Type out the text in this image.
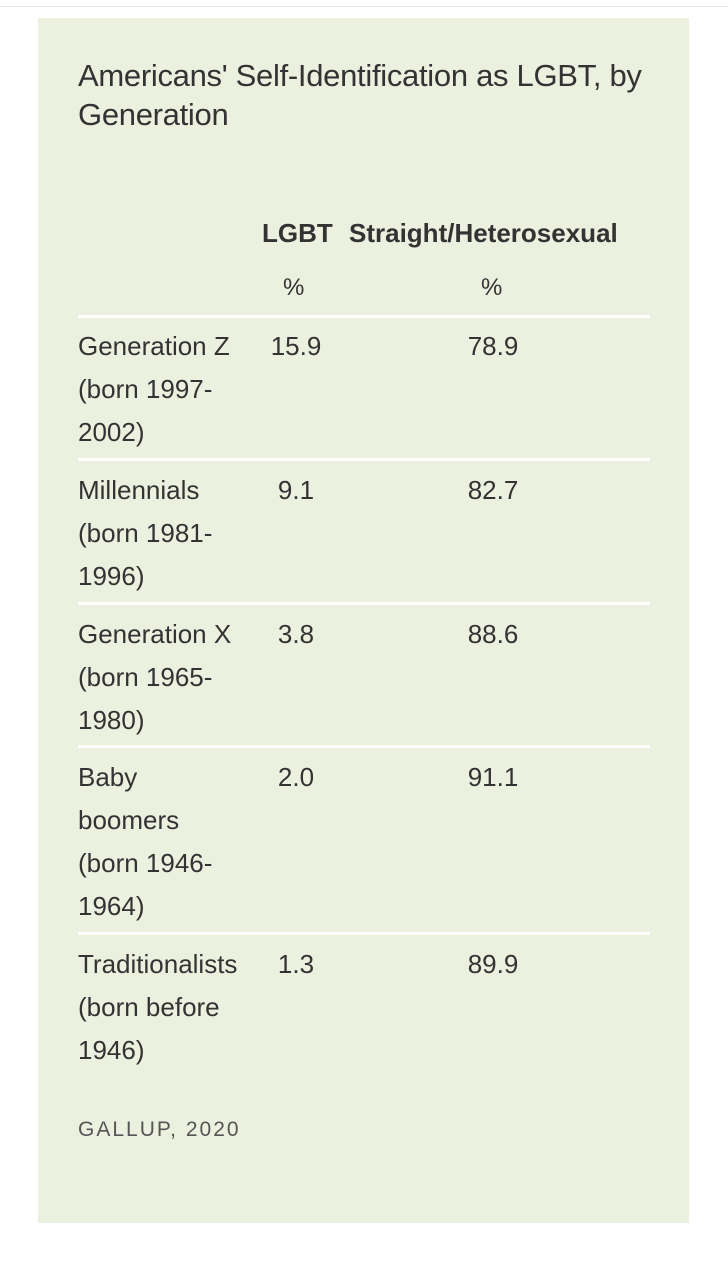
Americans' Self-Identification as LGBT, by Generation
LGBT Straight/Heterosexual
%	%
Generation Z (born 1997-2002)
15.9	78.9
Millennials (born 1981-1996)
9.1	82.7
Generation X (born 1965-1980)
3.8	88.6
Baby boomers (born 1946-1964)
2.0	91.1
Traditionalists (born before 1946)
1.3	89.9
GALLUP, 2020
